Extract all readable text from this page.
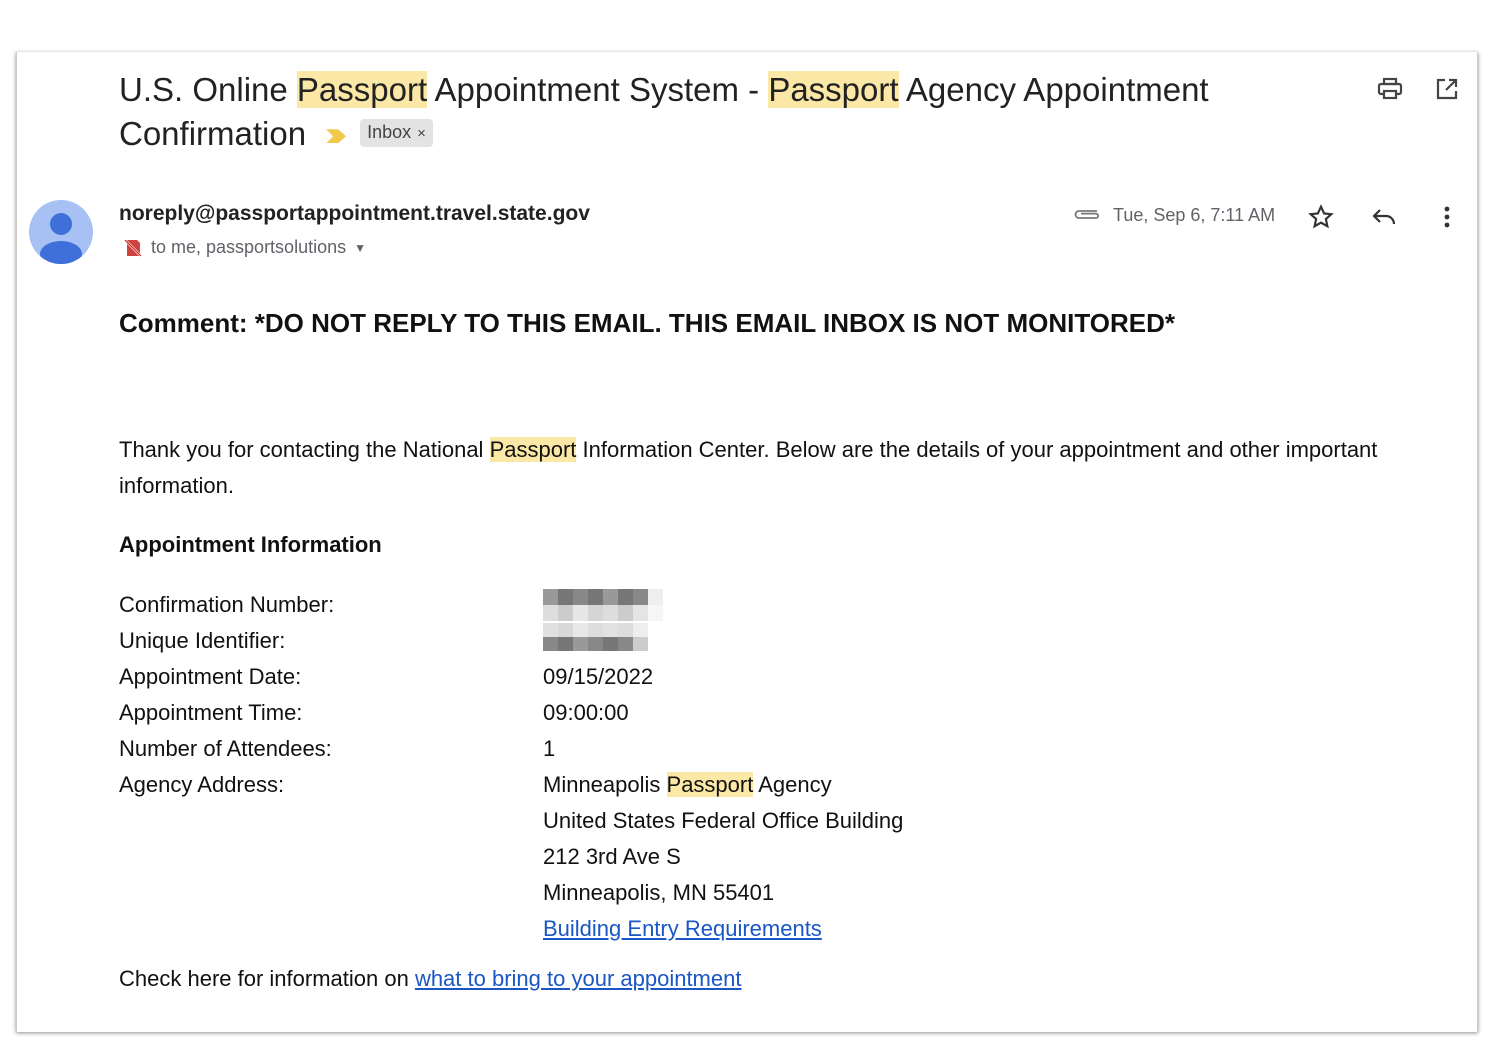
U.S. Online Passport Appointment System - Passport Agency Appointment Confirmation	Inbox ×
noreply@passportappointment.travel.state.gov
to me, passportsolutions ▼
Tue, Sep 6, 7:11 AM
Comment: *DO NOT REPLY TO THIS EMAIL. THIS EMAIL INBOX IS NOT MONITORED*
Thank you for contacting the National Passport Information Center. Below are the details of your appointment and other important information.
Appointment Information
Confirmation Number:
Unique Identifier:
Appointment Date:	09/15/2022
Appointment Time:	09:00:00
Number of Attendees:	1
Agency Address:	Minneapolis Passport Agency
United States Federal Office Building
212 3rd Ave S
Minneapolis, MN 55401
Building Entry Requirements
Check here for information on what to bring to your appointment
